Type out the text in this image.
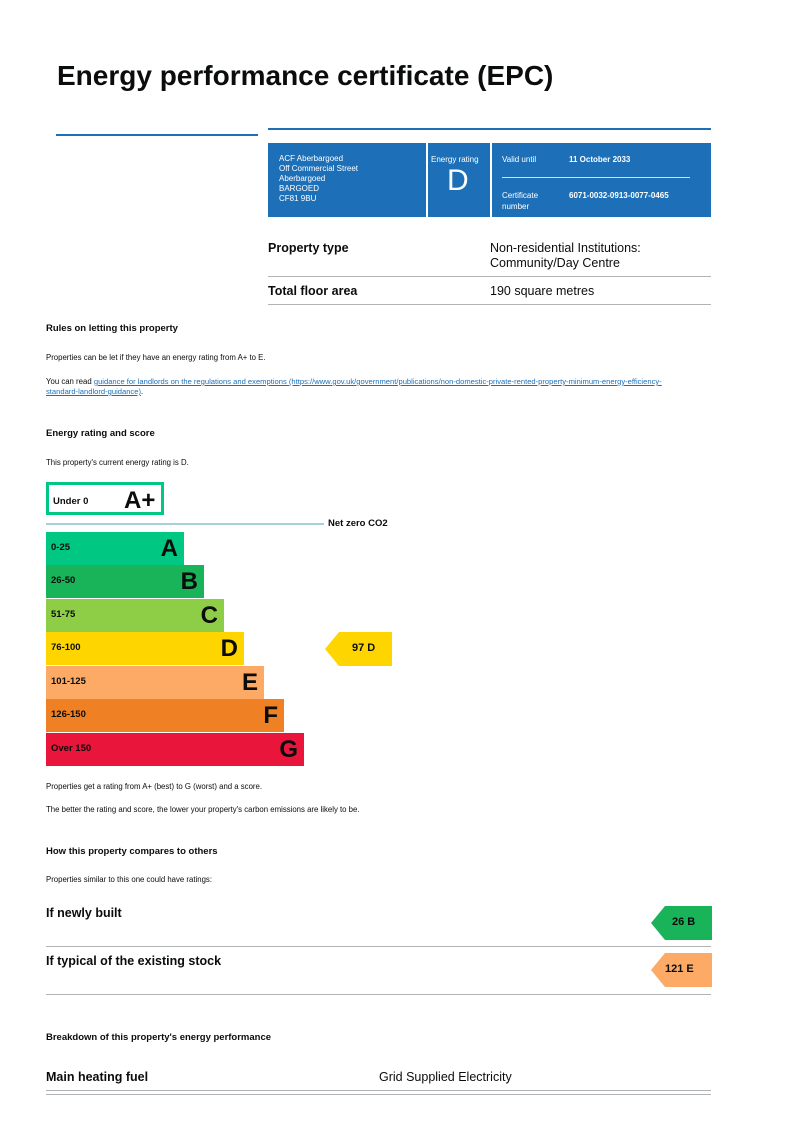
Energy performance certificate (EPC)
ACF Aberbargoed
Off Commercial Street
Aberbargoed
BARGOED
CF81 9BU
Energy rating
D
Valid until	11 October 2033
Certificate
number
6071-0032-0913-0077-0465
Property type	Non-residential Institutions:
Community/Day Centre
Total floor area	190 square metres
Rules on letting this property
Properties can be let if they have an energy rating from A+ to E.
You can read guidance for landlords on the regulations and exemptions (https://www.gov.uk/government/publications/non-domestic-private-rented-property-minimum-energy-efficiency-
standard-landlord-guidance).
Energy rating and score
This property's current energy rating is D.
Under 0 A+
Net zero CO2
0-25	A
26-50	B
51-75	C
76-100	D
101-125	E
126-150	F
Over 150	G
97 D
Properties get a rating from A+ (best) to G (worst) and a score.
The better the rating and score, the lower your property's carbon emissions are likely to be.
How this property compares to others
Properties similar to this one could have ratings:
If newly built
26 B
If typical of the existing stock
121 E
Breakdown of this property's energy performance
Main heating fuel	Grid Supplied Electricity
